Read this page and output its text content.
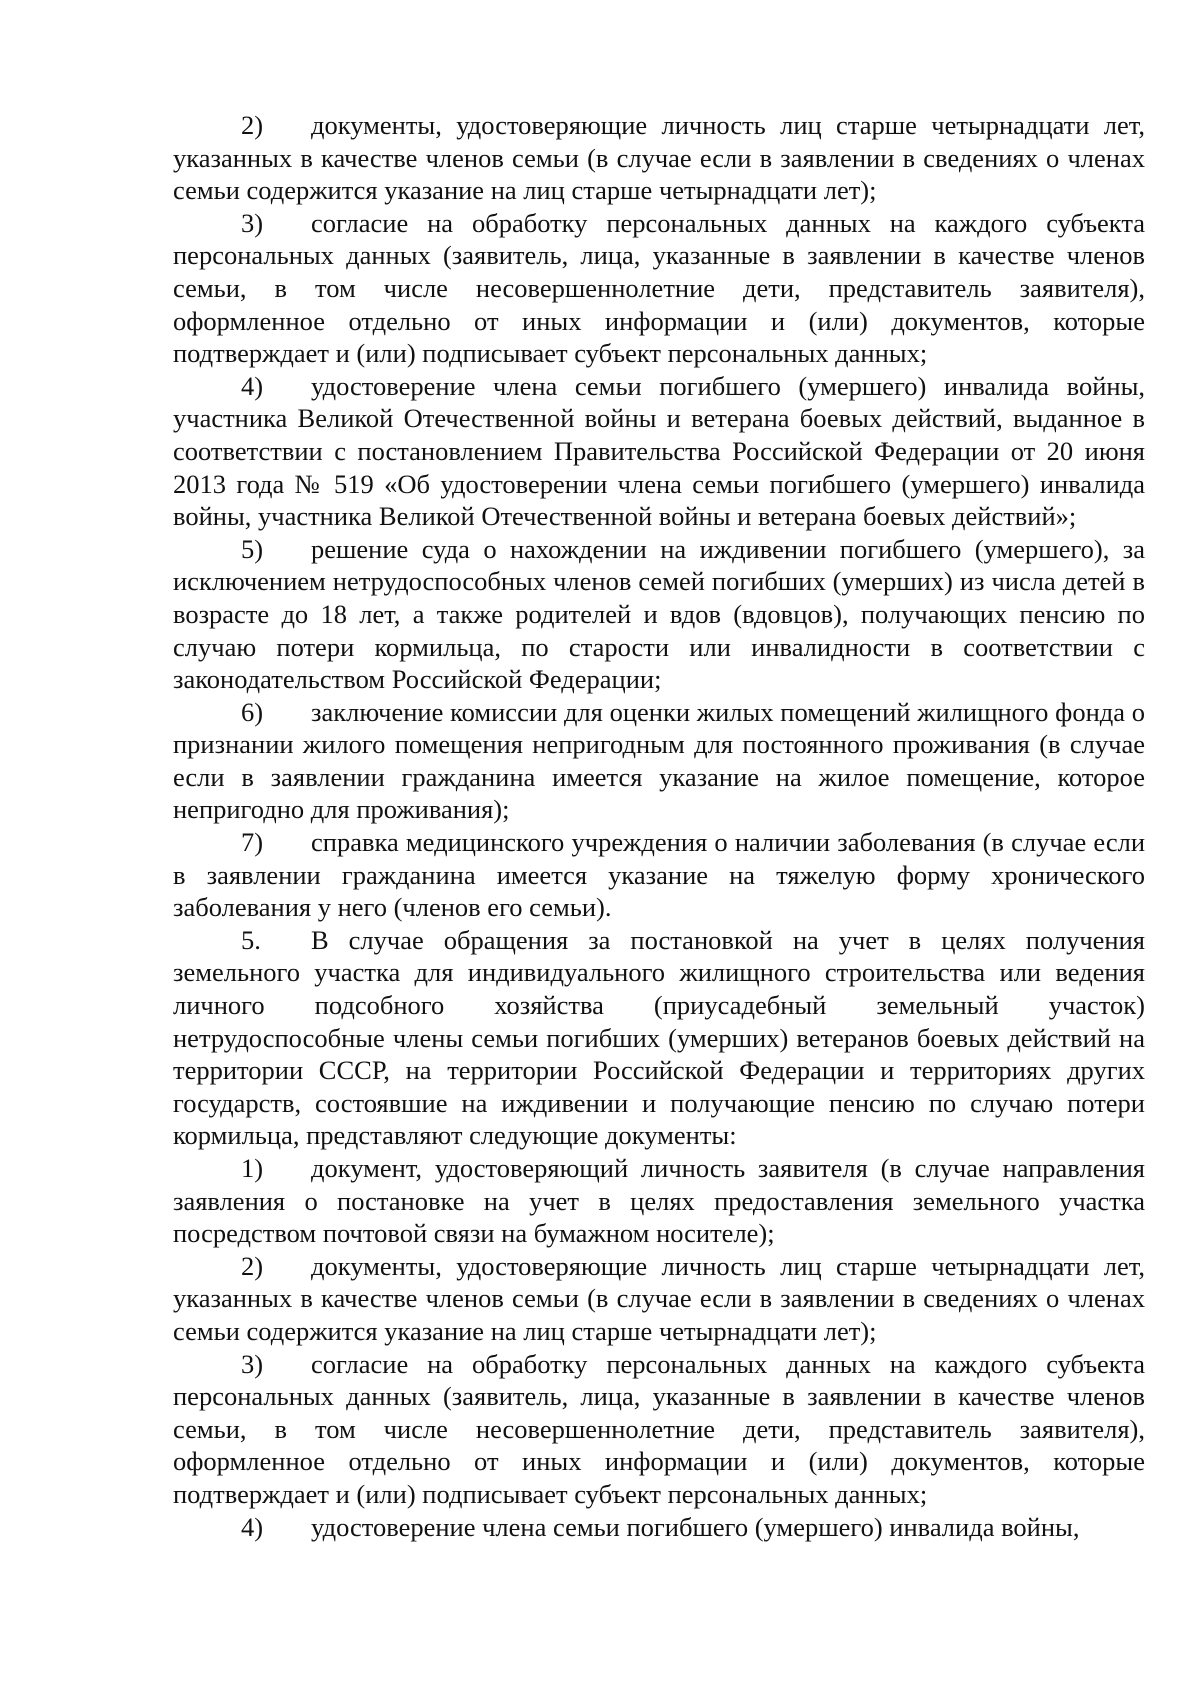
2) документы, удостоверяющие личность лиц старше четырнадцати лет, указанных в качестве членов семьи (в случае если в заявлении в сведениях о членах семьи содержится указание на лиц старше четырнадцати лет);

3) согласие на обработку персональных данных на каждого субъекта персональных данных (заявитель, лица, указанные в заявлении в качестве членов семьи, в том числе несовершеннолетние дети, представитель заявителя), оформленное отдельно от иных информации и (или) документов, которые подтверждает и (или) подписывает субъект персональных данных;

4) удостоверение члена семьи погибшего (умершего) инвалида войны, участника Великой Отечественной войны и ветерана боевых действий, выданное в соответствии с постановлением Правительства Российской Федерации от 20 июня 2013 года № 519 «Об удостоверении члена семьи погибшего (умершего) инвалида войны, участника Великой Отечественной войны и ветерана боевых действий»;

5) решение суда о нахождении на иждивении погибшего (умершего), за исключением нетрудоспособных членов семей погибших (умерших) из числа детей в возрасте до 18 лет, а также родителей и вдов (вдовцов), получающих пенсию по случаю потери кормильца, по старости или инвалидности в соответствии с законодательством Российской Федерации;

6) заключение комиссии для оценки жилых помещений жилищного фонда о признании жилого помещения непригодным для постоянного проживания (в случае если в заявлении гражданина имеется указание на жилое помещение, которое непригодно для проживания);

7) справка медицинского учреждения о наличии заболевания (в случае если в заявлении гражданина имеется указание на тяжелую форму хронического заболевания у него (членов его семьи).

5. В случае обращения за постановкой на учет в целях получения земельного участка для индивидуального жилищного строительства или ведения личного подсобного хозяйства (приусадебный земельный участок) нетрудоспособные члены семьи погибших (умерших) ветеранов боевых действий на территории СССР, на территории Российской Федерации и территориях других государств, состоявшие на иждивении и получающие пенсию по случаю потери кормильца, представляют следующие документы:

1) документ, удостоверяющий личность заявителя (в случае направления заявления о постановке на учет в целях предоставления земельного участка посредством почтовой связи на бумажном носителе);

2) документы, удостоверяющие личность лиц старше четырнадцати лет, указанных в качестве членов семьи (в случае если в заявлении в сведениях о членах семьи содержится указание на лиц старше четырнадцати лет);

3) согласие на обработку персональных данных на каждого субъекта персональных данных (заявитель, лица, указанные в заявлении в качестве членов семьи, в том числе несовершеннолетние дети, представитель заявителя), оформленное отдельно от иных информации и (или) документов, которые подтверждает и (или) подписывает субъект персональных данных;

4) удостоверение члена семьи погибшего (умершего) инвалида войны,
